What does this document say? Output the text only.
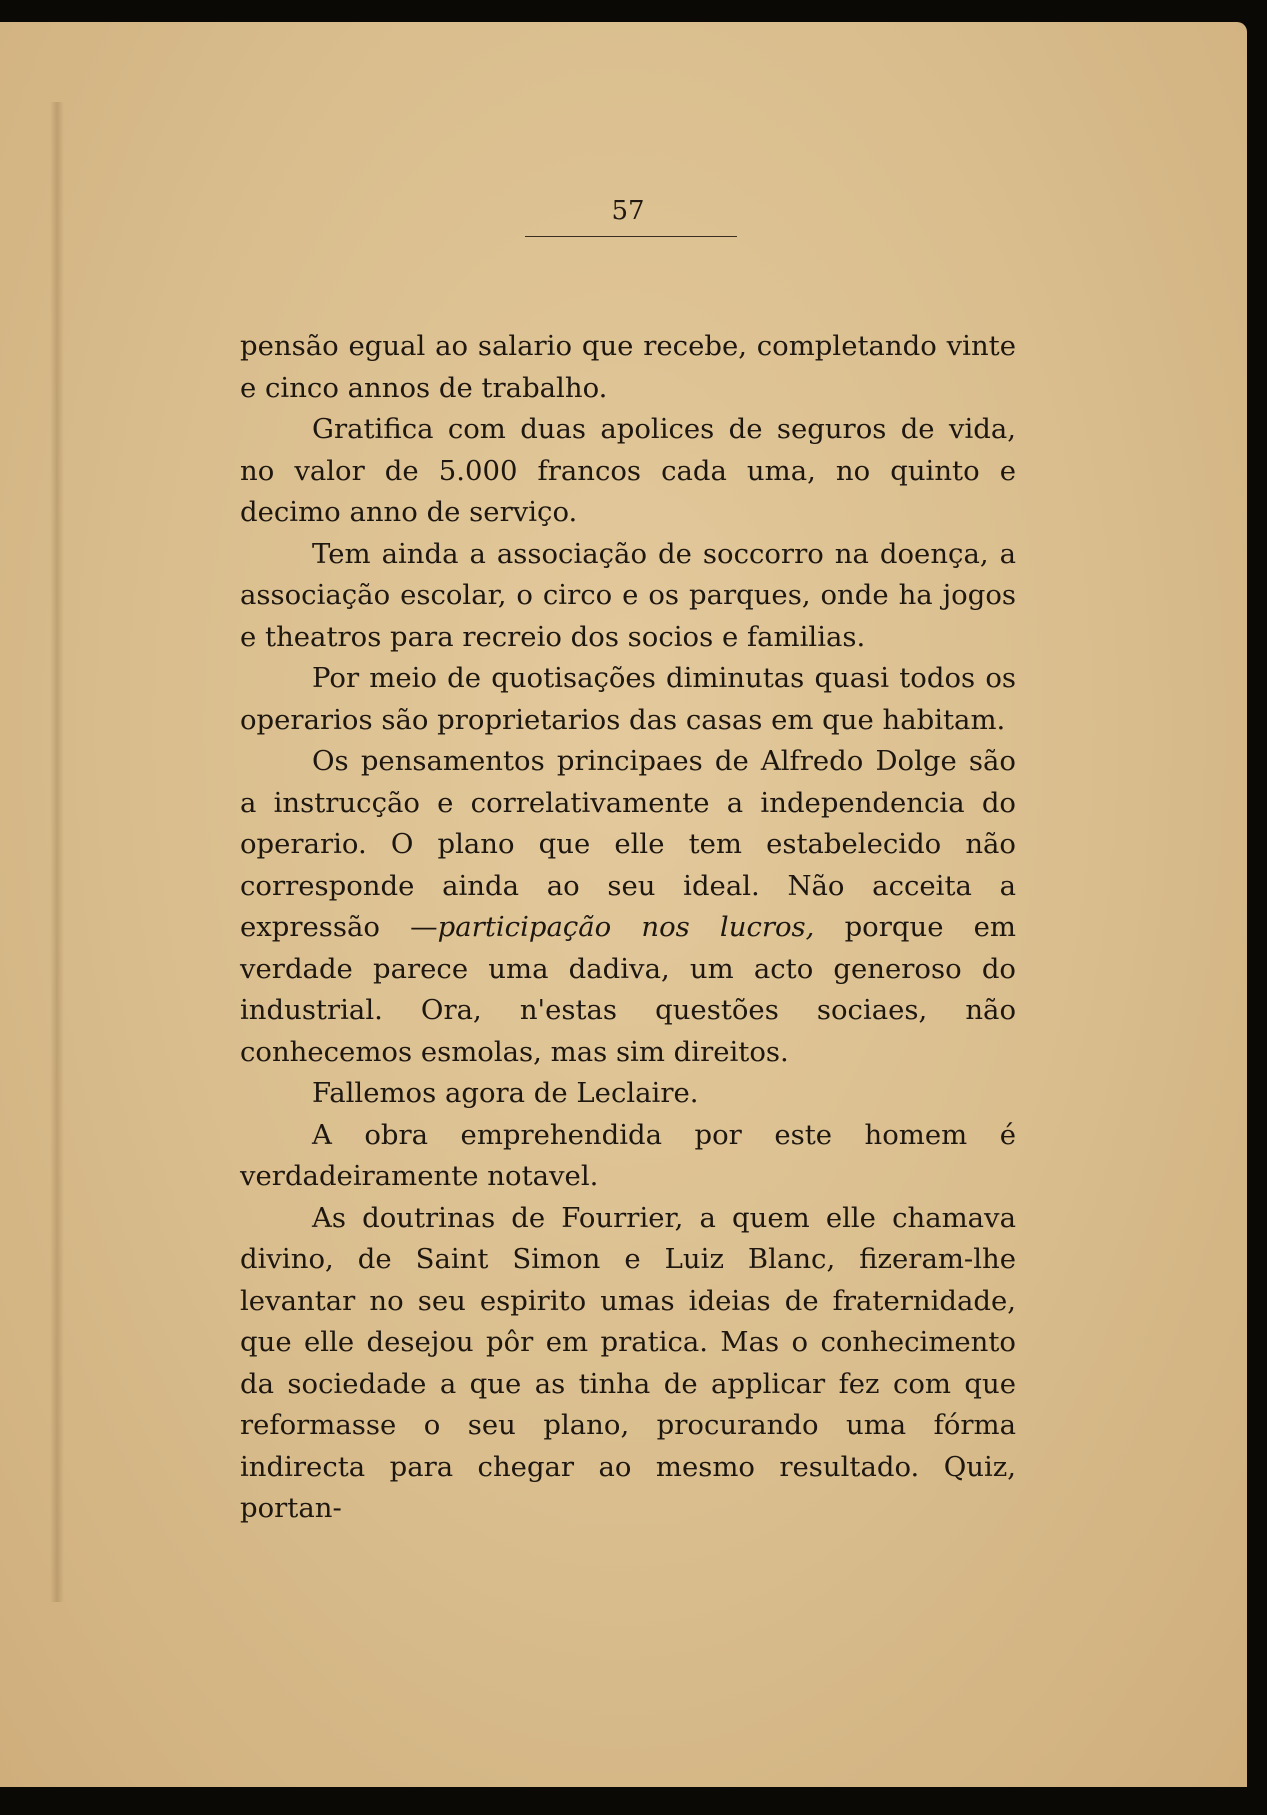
57

pensão egual ao salario que recebe, completando vinte e cinco annos de trabalho.

Gratifica com duas apolices de seguros de vida, no valor de 5.000 francos cada uma, no quinto e decimo anno de serviço.

Tem ainda a associação de soccorro na doença, a associação escolar, o circo e os parques, onde ha jogos e theatros para recreio dos socios e familias.

Por meio de quotisações diminutas quasi todos os operarios são proprietarios das casas em que habitam.

Os pensamentos principaes de Alfredo Dolge são a instrucção e correlativamente a independencia do operario. O plano que elle tem estabelecido não corresponde ainda ao seu ideal. Não acceita a expressão —participação nos lucros, porque em verdade parece uma dadiva, um acto generoso do industrial. Ora, n'estas questões sociaes, não conhecemos esmolas, mas sim direitos.

Fallemos agora de Leclaire.

A obra emprehendida por este homem é verdadeiramente notavel.

As doutrinas de Fourrier, a quem elle chamava divino, de Saint Simon e Luiz Blanc, fizeram-lhe levantar no seu espirito umas ideias de fraternidade, que elle desejou pôr em pratica. Mas o conhecimento da sociedade a que as tinha de applicar fez com que reformasse o seu plano, procurando uma fórma indirecta para chegar ao mesmo resultado. Quiz, portan-
